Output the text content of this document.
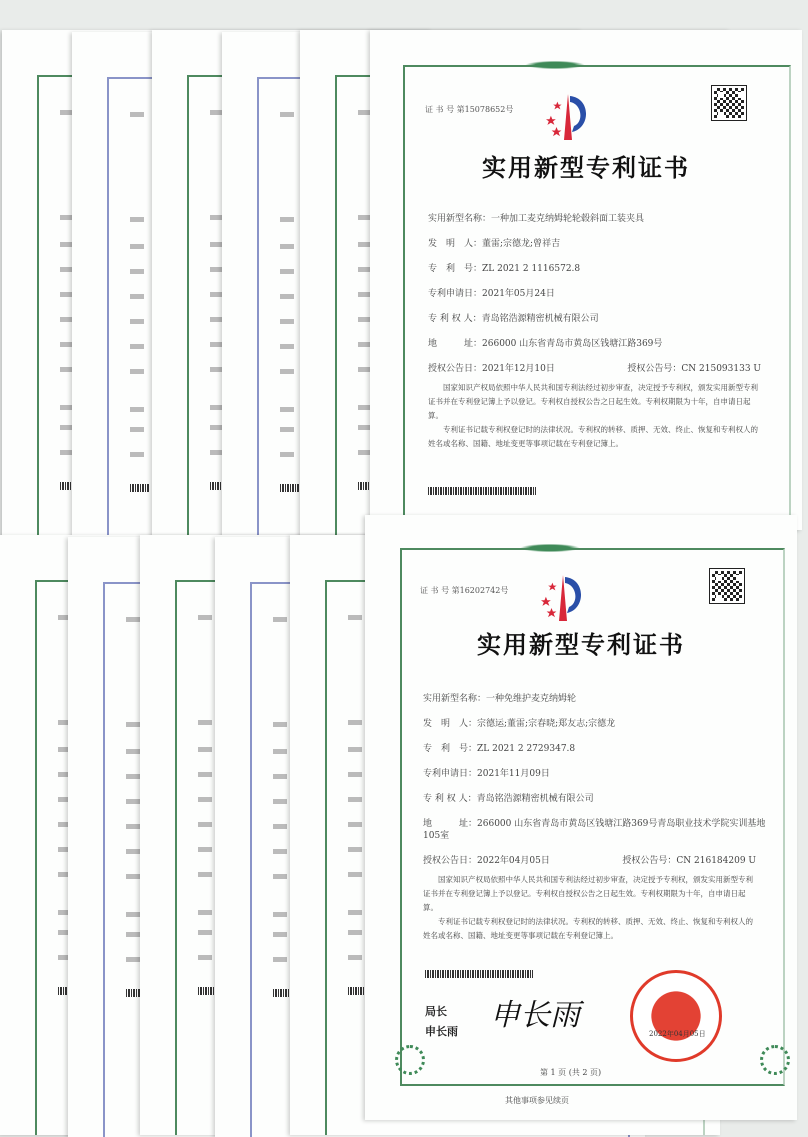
证 书 号 第15078652号
实用新型专利证书
实用新型名称：一种加工麦克纳姆轮轮毂斜面工装夹具
发　明　人：董雷;宗德龙;曾祥吉
专　利　号：ZL 2021 2 1116572.8
专利申请日：2021年05月24日
专 利 权 人：青岛铭浩源精密机械有限公司
地　　　址：266000 山东省青岛市黄岛区钱塘江路369号
授权公告日：2021年12月10日	授权公告号：CN 215093133 U

国家知识产权局依照中华人民共和国专利法经过初步审查，决定授予专利权，颁发实用新型专利证书并在专利登记簿上予以登记。专利权自授权公告之日起生效。专利权期限为十年，自申请日起算。

专利证书记载专利权登记时的法律状况。专利权的转移、质押、无效、终止、恢复和专利权人的姓名或名称、国籍、地址变更等事项记载在专利登记簿上。

证 书 号 第16202742号
实用新型专利证书
实用新型名称：一种免维护麦克纳姆轮
发　明　人：宗德运;董雷;宗春晓;郑友志;宗德龙
专　利　号：ZL 2021 2 2729347.8
专利申请日：2021年11月09日
专 利 权 人：青岛铭浩源精密机械有限公司
地　　　址：266000 山东省青岛市黄岛区钱塘江路369号青岛职业技术学院实训基地105室
授权公告日：2022年04月05日	授权公告号：CN 216184209 U

国家知识产权局依照中华人民共和国专利法经过初步审查，决定授予专利权，颁发实用新型专利证书并在专利登记簿上予以登记。专利权自授权公告之日起生效。专利权期限为十年，自申请日起算。

专利证书记载专利权登记时的法律状况。专利权的转移、质押、无效、终止、恢复和专利权人的姓名或名称、国籍、地址变更等事项记载在专利登记簿上。

局长
申长雨 申长雨
2022年04月05日
第 1 页 (共 2 页)
其他事项参见续页
